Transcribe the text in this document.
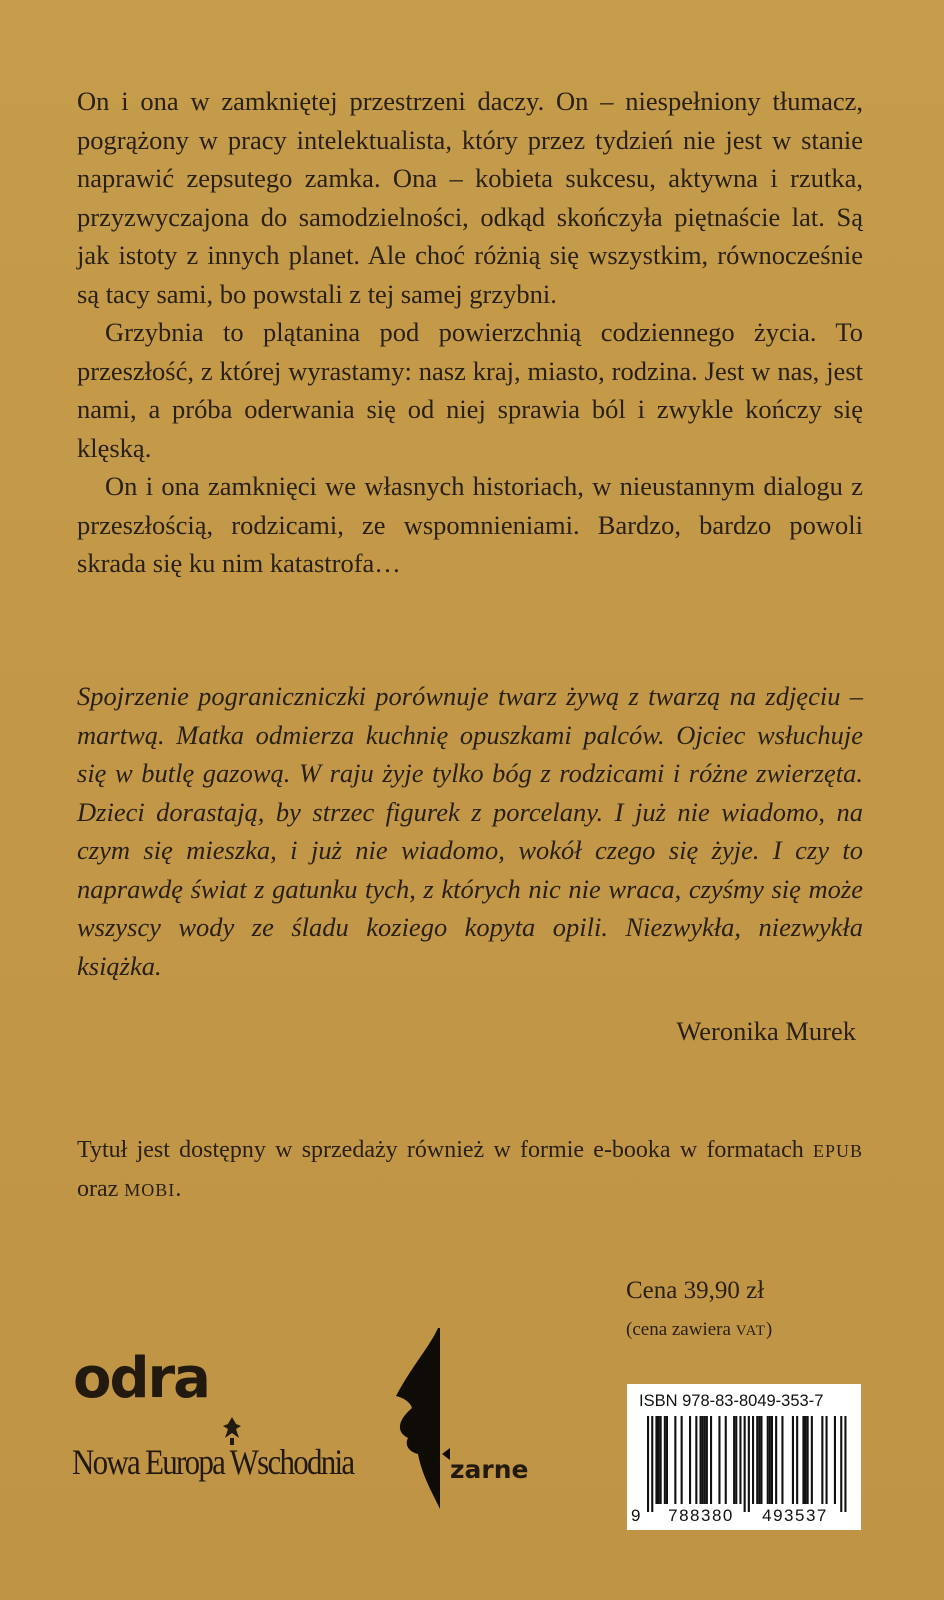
On i ona w zamkniętej przestrzeni daczy. On – niespełniony tłumacz, pogrążony w pracy intelektualista, który przez tydzień nie jest w stanie naprawić zepsutego zamka. Ona – kobieta sukcesu, aktywna i rzutka, przyzwyczajona do samodzielności, odkąd skończyła piętnaście lat. Są jak istoty z innych planet. Ale choć różnią się wszystkim, równocześnie są tacy sami, bo powstali z tej samej grzybni.

Grzybnia to plątanina pod powierzchnią codziennego życia. To przeszłość, z której wyrastamy: nasz kraj, miasto, rodzina. Jest w nas, jest nami, a próba oderwania się od niej sprawia ból i zwykle kończy się klęską.

On i ona zamknięci we własnych historiach, w nieustannym dialogu z przeszłością, rodzicami, ze wspomnieniami. Bardzo, bardzo powoli skrada się ku nim katastrofa…

Spojrzenie pograniczniczki porównuje twarz żywą z twarzą na zdjęciu – martwą. Matka odmierza kuchnię opuszkami palców. Ojciec wsłuchuje się w butlę gazową. W raju żyje tylko bóg z rodzicami i różne zwierzęta. Dzieci dorastają, by strzec figurek z porcelany. I już nie wiadomo, na czym się mieszka, i już nie wiadomo, wokół czego się żyje. I czy to naprawdę świat z gatunku tych, z których nic nie wraca, czyśmy się może wszyscy wody ze śladu koziego kopyta opili. Niezwykła, niezwykła książka.
Weronika Murek
Tytuł jest dostępny w sprzedaży również w formie e-booka w formatach EPUB oraz MOBI.
Cena 39,90 zł
(cena zawiera VAT)
odra
Nowa Europa Wschodnia	zarne
ISBN 978-83-8049-353-7
9 788380 493537
